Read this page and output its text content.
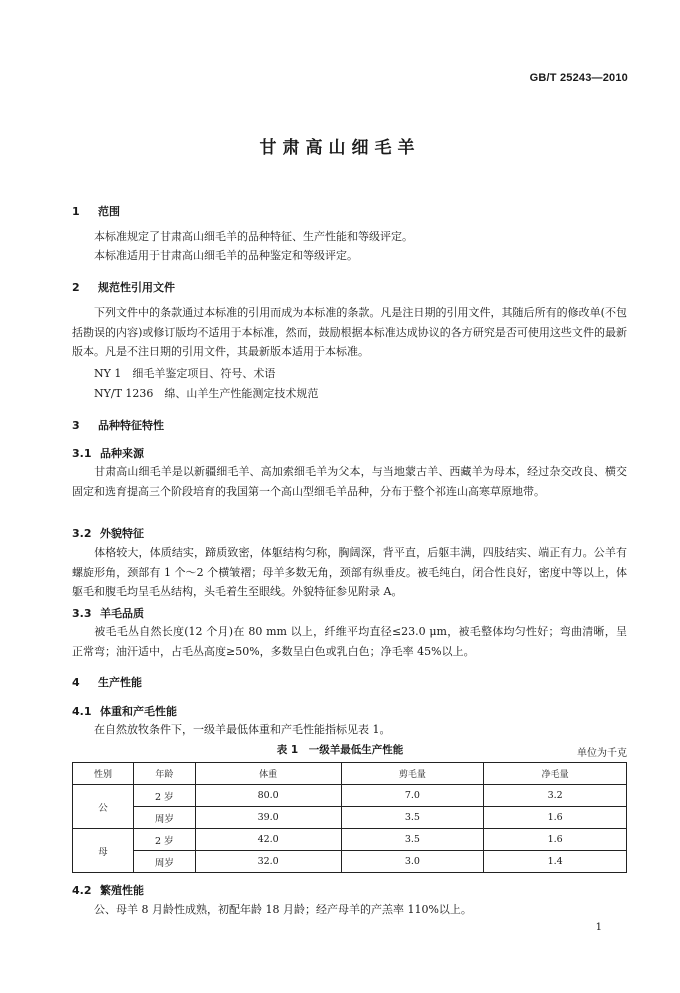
GB/T 25243—2010
甘肃高山细毛羊
1 范围
本标准规定了甘肃高山细毛羊的品种特征、生产性能和等级评定。
本标准适用于甘肃高山细毛羊的品种鉴定和等级评定。
2 规范性引用文件
下列文件中的条款通过本标准的引用而成为本标准的条款。凡是注日期的引用文件，其随后所有的修改单(不包括勘误的内容)或修订版均不适用于本标准，然而，鼓励根据本标准达成协议的各方研究是否可使用这些文件的最新版本。凡是不注日期的引用文件，其最新版本适用于本标准。
NY 1　细毛羊鉴定项目、符号、术语
NY/T 1236　绵、山羊生产性能测定技术规范
3 品种特征特性
3.1 品种来源
甘肃高山细毛羊是以新疆细毛羊、高加索细毛羊为父本，与当地蒙古羊、西藏羊为母本，经过杂交改良、横交固定和选育提高三个阶段培育的我国第一个高山型细毛羊品种，分布于整个祁连山高寒草原地带。
3.2 外貌特征
体格较大，体质结实，蹄质致密，体躯结构匀称，胸阔深，背平直，后躯丰满，四肢结实、端正有力。公羊有螺旋形角，颈部有 1 个～2 个横皱褶；母羊多数无角，颈部有纵垂皮。被毛纯白，闭合性良好，密度中等以上，体躯毛和腹毛均呈毛丛结构，头毛着生至眼线。外貌特征参见附录 A。
3.3 羊毛品质
被毛毛丛自然长度(12 个月)在 80 mm 以上，纤维平均直径≤23.0 μm，被毛整体均匀性好；弯曲清晰，呈正常弯；油汗适中，占毛丛高度≥50%，多数呈白色或乳白色；净毛率 45%以上。
4 生产性能
4.1 体重和产毛性能
在自然放牧条件下，一级羊最低体重和产毛性能指标见表 1。
表 1　一级羊最低生产性能	单位为千克
性别	年龄	体重	剪毛量	净毛量
公	2 岁	80.0	7.0	3.2
	周岁	39.0	3.5	1.6
母	2 岁	42.0	3.5	1.6
	周岁	32.0	3.0	1.4
4.2 繁殖性能
公、母羊 8 月龄性成熟，初配年龄 18 月龄；经产母羊的产羔率 110%以上。
1
